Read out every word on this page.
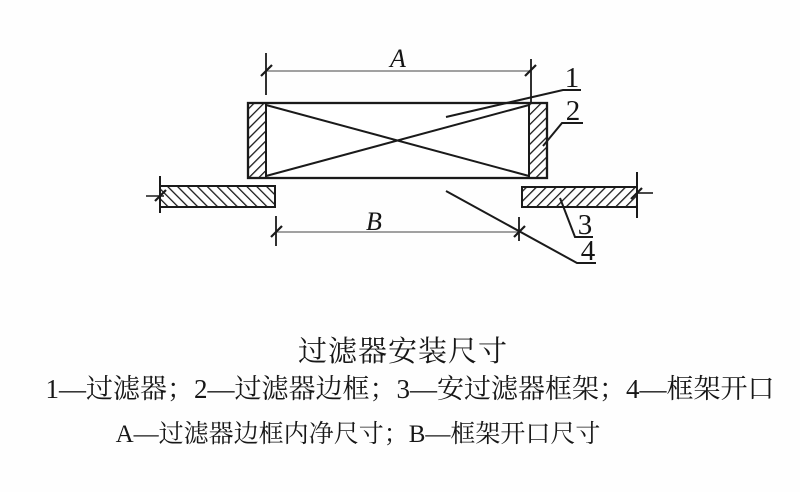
A
B
1
2
3
4
过滤器安装尺寸
1—过滤器；2—过滤器边框；3—安过滤器框架；4—框架开口
A—过滤器边框内净尺寸；B—框架开口尺寸
